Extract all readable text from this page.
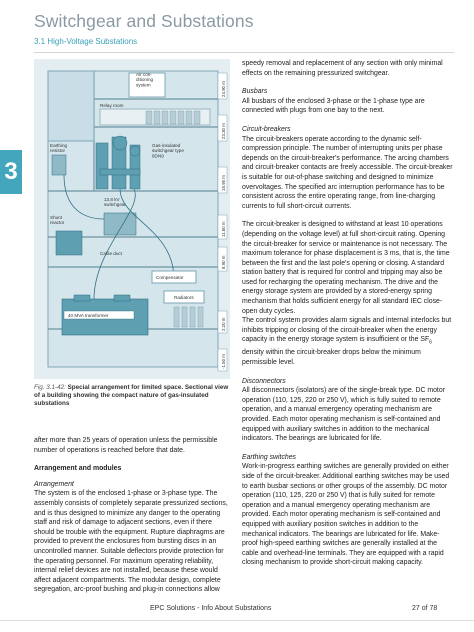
Switchgear and Substations
3.1 High-Voltage Substations
3
Air con-ditioning system
Relay room
Gas-insulated switchgear type 8DN9
Earthing resistor
13.8 kV switchgear
Shunt reactor
Cable duct
Compensator
Radiators
40 MVA transformer
24.90 m
23.30 m
15.95 m
11.50 m
8.90 m
2.20 m
-1.50 m
Fig. 3.1-42: Special arrangement for limited space. Sectional view of a building showing the compact nature of gas-insulated substations

after more than 25 years of operation unless the permissible number of operations is reached before that date.

Arrangement and modules

Arrangement

The system is of the enclosed 1-phase or 3-phase type. The assembly consists of completely separate pressurized sections, and is thus designed to minimize any danger to the operating staff and risk of damage to adjacent sections, even if there should be trouble with the equipment. Rupture diaphragms are provided to prevent the enclosures from bursting discs in an uncontrolled manner. Suitable deflectors provide protection for the operating personnel. For maximum operating reliability, internal relief devices are not installed, because these would affect adjacent compartments. The modular design, complete segregation, arc-proof bushing and plug-in connections allow

speedy removal and replacement of any section with only minimal effects on the remaining pressurized switchgear.

Busbars

All busbars of the enclosed 3-phase or the 1-phase type are connected with plugs from one bay to the next.

Circuit-breakers

The circuit-breakers operate according to the dynamic self-compression principle. The number of interrupting units per phase depends on the circuit-breaker's performance. The arcing chambers and circuit-breaker contacts are freely accessible. The circuit-breaker is suitable for out-of-phase switching and designed to minimize overvoltages. The specified arc interruption performance has to be consistent across the entire operating range, from line-charging currents to full short-circuit currents.

The circuit-breaker is designed to withstand at least 10 operations (depending on the voltage level) at full short-circuit rating. Opening the circuit-breaker for service or maintenance is not necessary. The maximum tolerance for phase displacement is 3 ms, that is, the time between the first and the last pole's opening or closing. A standard station battery that is required for control and tripping may also be used for recharging the operating mechanism. The drive and the energy storage system are provided by a stored-energy spring mechanism that holds sufficient energy for all standard IEC close-open duty cycles.

The control system provides alarm signals and internal interlocks but inhibits tripping or closing of the circuit-breaker when the energy capacity in the energy storage system is insufficient or the $SF_6$ density within the circuit-breaker drops below the minimum permissible level.

Disconnectors

All disconnectors (isolators) are of the single-break type. DC motor operation (110, 125, 220 or 250 V), which is fully suited to remote operation, and a manual emergency operating mechanism are provided. Each motor operating mechanism is self-contained and equipped with auxiliary switches in addition to the mechanical indicators. The bearings are lubricated for life.

Earthing switches

Work-in-progress earthing switches are generally provided on either side of the circuit-breaker. Additional earthing switches may be used to earth busbar sections or other groups of the assembly. DC motor operation (110, 125, 220 or 250 V) that is fully suited for remote operation and a manual emergency operating mechanism are provided. Each motor operating mechanism is self-contained and equipped with auxiliary position switches in addition to the mechanical indicators. The bearings are lubricated for life. Make-proof high-speed earthing switches are generally installed at the cable and overhead-line terminals. They are equipped with a rapid closing mechanism to provide short-circuit making capacity.

EPC Solutions - Info About Substations	27 of 78
